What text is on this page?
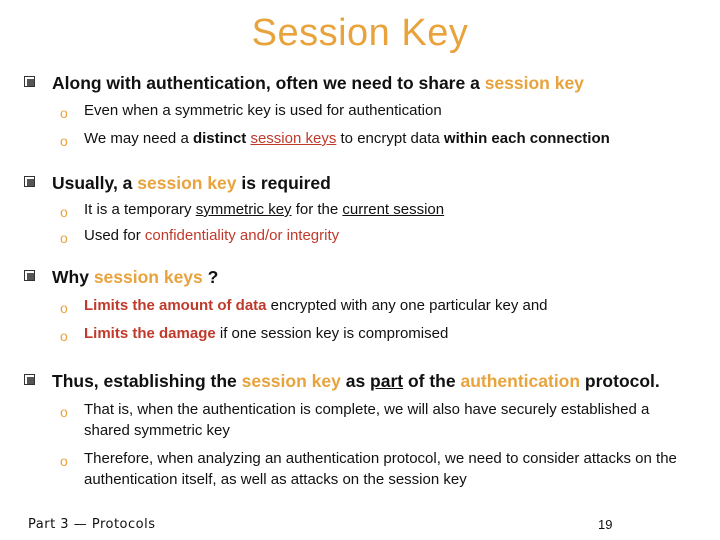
Session Key
Along with authentication, often we need to share a session key
o Even when a symmetric key is used for authentication
o We may need a distinct session keys to encrypt data within each connection
Usually, a session key is required
o It is a temporary symmetric key for the current session
o Used for confidentiality and/or integrity
Why session keys ?
o Limits the amount of data encrypted with any one particular key and
o Limits the damage if one session key is compromised
Thus, establishing the session key as part of the authentication protocol.
o That is, when the authentication is complete, we will also have securely established a shared symmetric key
o Therefore, when analyzing an authentication protocol, we need to consider attacks on the authentication itself, as well as attacks on the session key
Part 3 — Protocols	19
